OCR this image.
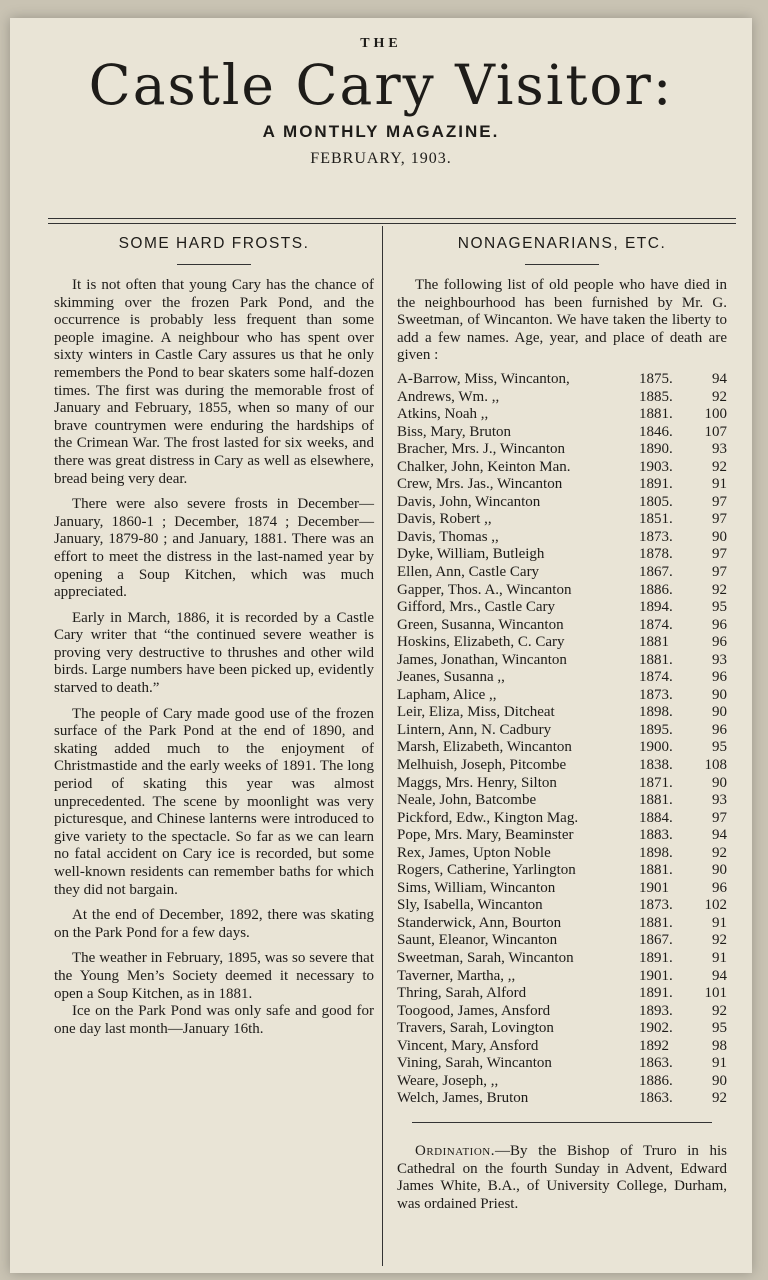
THE
Castle Cary Visitor:
A MONTHLY MAGAZINE.
FEBRUARY, 1903.
SOME HARD FROSTS.

It is not often that young Cary has the chance of skimming over the frozen Park Pond, and the occurrence is probably less frequent than some people imagine. A neighbour who has spent over sixty winters in Castle Cary assures us that he only remembers the Pond to bear skaters some half-dozen times. The first was during the memorable frost of January and February, 1855, when so many of our brave countrymen were enduring the hardships of the Crimean War. The frost lasted for six weeks, and there was great distress in Cary as well as elsewhere, bread being very dear.

There were also severe frosts in December—January, 1860-1 ; December, 1874 ; December—January, 1879-80 ; and January, 1881. There was an effort to meet the distress in the last-named year by opening a Soup Kitchen, which was much appreciated.

Early in March, 1886, it is recorded by a Castle Cary writer that “the continued severe weather is proving very destructive to thrushes and other wild birds. Large numbers have been picked up, evidently starved to death.”

The people of Cary made good use of the frozen surface of the Park Pond at the end of 1890, and skating added much to the enjoyment of Christmastide and the early weeks of 1891. The long period of skating this year was almost unprecedented. The scene by moonlight was very picturesque, and Chinese lanterns were introduced to give variety to the spectacle. So far as we can learn no fatal accident on Cary ice is recorded, but some well-known residents can remember baths for which they did not bargain.

At the end of December, 1892, there was skating on the Park Pond for a few days.

The weather in February, 1895, was so severe that the Young Men’s Society deemed it necessary to open a Soup Kitchen, as in 1881.

Ice on the Park Pond was only safe and good for one day last month—January 16th.

NONAGENARIANS, ETC.

The following list of old people who have died in the neighbourhood has been furnished by Mr. G. Sweetman, of Wincanton. We have taken the liberty to add a few names. Age, year, and place of death are given :

A-Barrow, Miss, Wincanton,	1875.	94
Andrews, Wm. ,,	1885.	92
Atkins, Noah ,,	1881.	100
Biss, Mary, Bruton	1846.	107
Bracher, Mrs. J., Wincanton	1890.	93
Chalker, John, Keinton Man.	1903.	92
Crew, Mrs. Jas., Wincanton	1891.	91
Davis, John, Wincanton	1805.	97
Davis, Robert ,,	1851.	97
Davis, Thomas ,,	1873.	90
Dyke, William, Butleigh	1878.	97
Ellen, Ann, Castle Cary	1867.	97
Gapper, Thos. A., Wincanton	1886.	92
Gifford, Mrs., Castle Cary	1894.	95
Green, Susanna, Wincanton	1874.	96
Hoskins, Elizabeth, C. Cary	1881	96
James, Jonathan, Wincanton	1881.	93
Jeanes, Susanna ,,	1874.	96
Lapham, Alice ,,	1873.	90
Leir, Eliza, Miss, Ditcheat	1898.	90
Lintern, Ann, N. Cadbury	1895.	96
Marsh, Elizabeth, Wincanton	1900.	95
Melhuish, Joseph, Pitcombe	1838.	108
Maggs, Mrs. Henry, Silton	1871.	90
Neale, John, Batcombe	1881.	93
Pickford, Edw., Kington Mag.	1884.	97
Pope, Mrs. Mary, Beaminster	1883.	94
Rex, James, Upton Noble	1898.	92
Rogers, Catherine, Yarlington	1881.	90
Sims, William, Wincanton	1901	96
Sly, Isabella, Wincanton	1873.	102
Standerwick, Ann, Bourton	1881.	91
Saunt, Eleanor, Wincanton	1867.	92
Sweetman, Sarah, Wincanton	1891.	91
Taverner, Martha, ,,	1901.	94
Thring, Sarah, Alford	1891.	101
Toogood, James, Ansford	1893.	92
Travers, Sarah, Lovington	1902.	95
Vincent, Mary, Ansford	1892	98
Vining, Sarah, Wincanton	1863.	91
Weare, Joseph, ,,	1886.	90
Welch, James, Bruton	1863.	92

Ordination.—By the Bishop of Truro in his Cathedral on the fourth Sunday in Advent, Edward James White, B.A., of University College, Durham, was ordained Priest.
